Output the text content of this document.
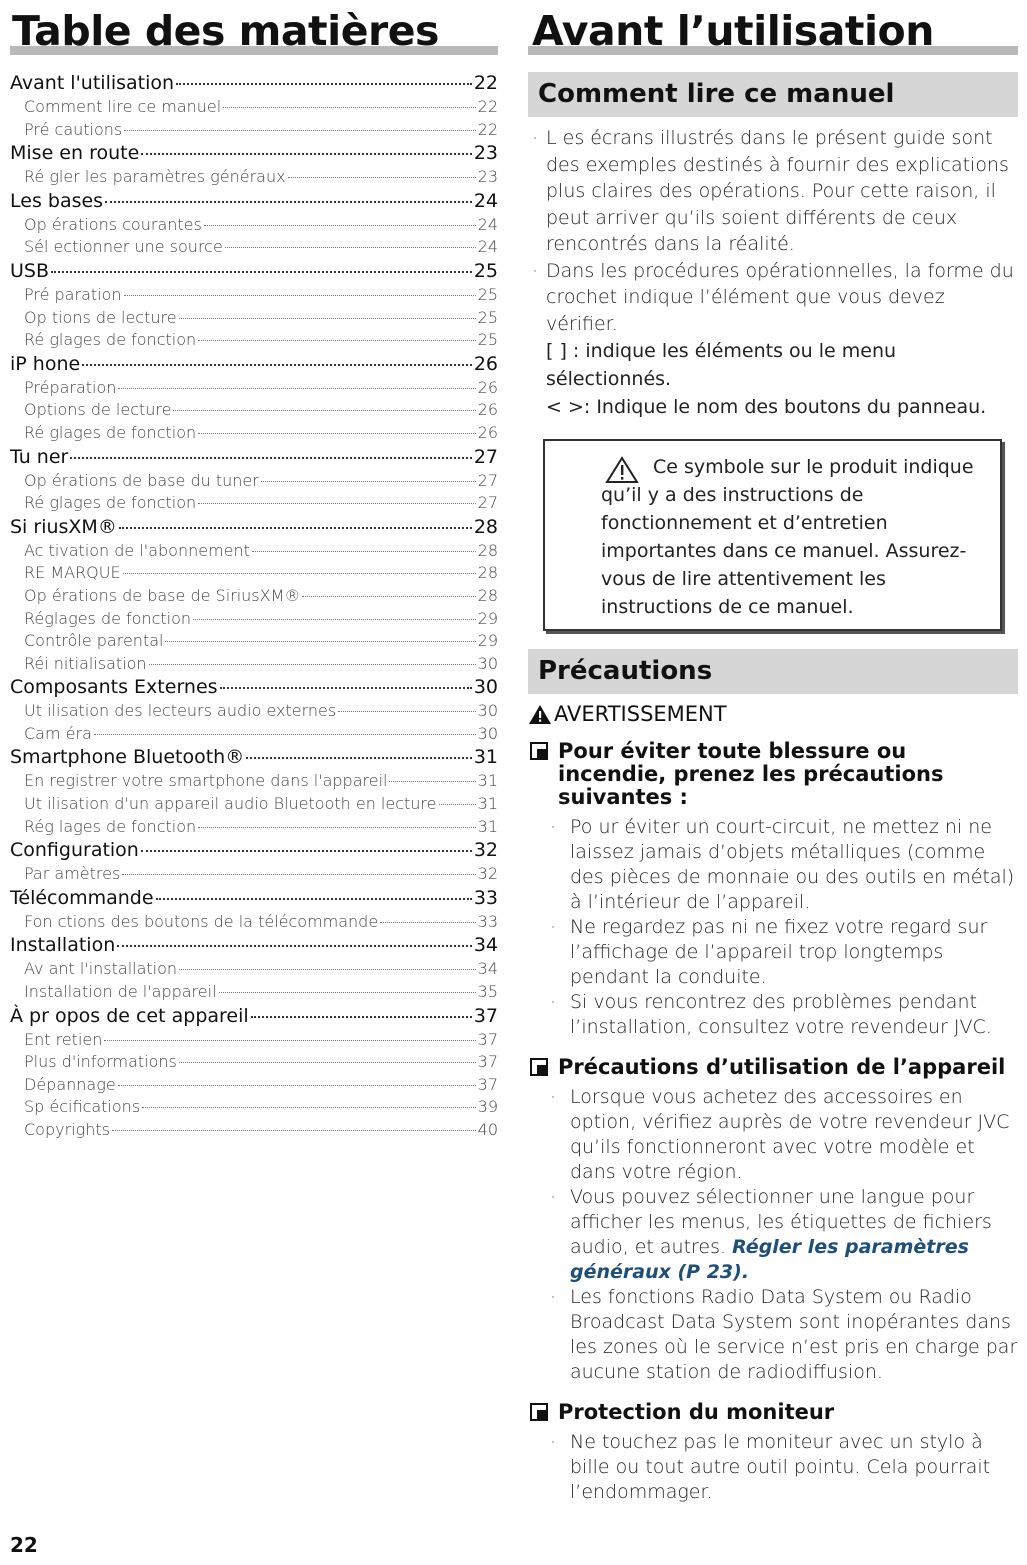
Table des matières
Avant l'utilisation	22
Comment lire ce manuel	22
Pré cautions	22
Mise en route	23
Ré gler les paramètres généraux	23
Les bases	24
Op érations courantes	24
Sél ectionner une source	24
USB	25
Pré paration	25
Op tions de lecture	25
Ré glages de fonction	25
iP hone	26
Préparation	26
Options de lecture	26
Ré glages de fonction	26
Tu ner	27
Op érations de base du tuner	27
Ré glages de fonction	27
Si riusXM®	28
Ac tivation de l'abonnement	28
RE MARQUE	28
Op érations de base de SiriusXM®	28
Réglages de fonction	29
Contrôle parental	29
Réi nitialisation	30
Composants Externes	30
Ut ilisation des lecteurs audio externes	30
Cam éra	30
Smartphone Bluetooth®	31
En registrer votre smartphone dans l'appareil	31
Ut ilisation d'un appareil audio Bluetooth en lecture	31
Rég lages de fonction	31
Configuration	32
Par amètres	32
Télécommande	33
Fon ctions des boutons de la télécommande	33
Installation	34
Av ant l'installation	34
Installation de l'appareil	35
À pr opos de cet appareil	37
Ent retien	37
Plus d'informations	37
Dépannage	37
Sp écifications	39
Copyrights	40
Avant l’utilisation
Comment lire ce manuel
· L es écrans illustrés dans le présent guide sont des exemples destinés à fournir des explications plus claires des opérations. Pour cette raison, il peut arriver qu’ils soient différents de ceux rencontrés dans la réalité.
· Dans les procédures opérationnelles, la forme du crochet indique l’élément que vous devez vérifier.
[ ] : indique les éléments ou le menu sélectionnés.
< >: Indique le nom des boutons du panneau.
Ce symbole sur le produit indique qu’il y a des instructions de fonctionnement et d’entretien importantes dans ce manuel. Assurez-vous de lire attentivement les instructions de ce manuel.
Précautions
AVERTISSEMENT
Pour éviter toute blessure ou incendie, prenez les précautions suivantes :
· Po ur éviter un court-circuit, ne mettez ni ne laissez jamais d’objets métalliques (comme des pièces de monnaie ou des outils en métal) à l’intérieur de l’appareil.
· Ne regardez pas ni ne fixez votre regard sur l’affichage de l’appareil trop longtemps pendant la conduite.
· Si vous rencontrez des problèmes pendant l’installation, consultez votre revendeur JVC.
Précautions d’utilisation de l’appareil
· Lorsque vous achetez des accessoires en option, vérifiez auprès de votre revendeur JVC qu’ils fonctionneront avec votre modèle et dans votre région.
· Vous pouvez sélectionner une langue pour afficher les menus, les étiquettes de fichiers audio, et autres. Régler les paramètres généraux (P 23).
· Les fonctions Radio Data System ou Radio Broadcast Data System sont inopérantes dans les zones où le service n’est pris en charge par aucune station de radiodiffusion.
Protection du moniteur
· Ne touchez pas le moniteur avec un stylo à bille ou tout autre outil pointu. Cela pourrait l’endommager.
22
